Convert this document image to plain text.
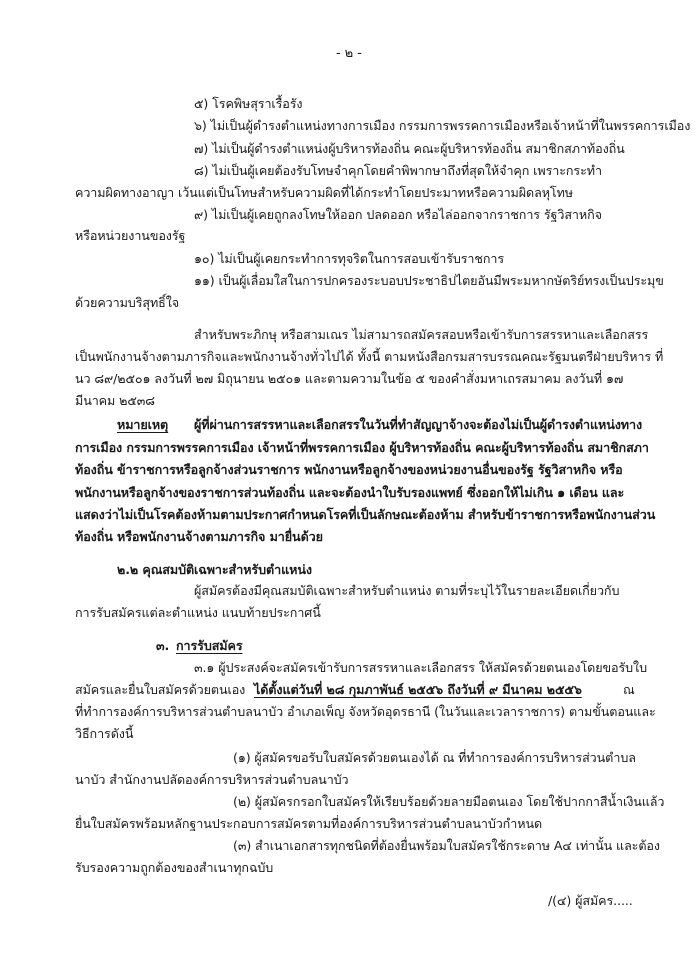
- ๒ -
๕) โรคพิษสุราเรื้อรัง
๖) ไม่เป็นผู้ดำรงตำแหน่งทางการเมือง กรรมการพรรคการเมืองหรือเจ้าหน้าที่ในพรรคการเมือง
๗) ไม่เป็นผู้ดำรงตำแหน่งผู้บริหารท้องถิ่น คณะผู้บริหารท้องถิ่น สมาชิกสภาท้องถิ่น
๘) ไม่เป็นผู้เคยต้องรับโทษจำคุกโดยคำพิพากษาถึงที่สุดให้จำคุก เพราะกระทำ
ความผิดทางอาญา เว้นแต่เป็นโทษสำหรับความผิดที่ได้กระทำโดยประมาทหรือความผิดลหุโทษ
๙) ไม่เป็นผู้เคยถูกลงโทษให้ออก ปลดออก หรือไล่ออกจากราชการ รัฐวิสาหกิจ
หรือหน่วยงานของรัฐ
๑๐) ไม่เป็นผู้เคยกระทำการทุจริตในการสอบเข้ารับราชการ
๑๑) เป็นผู้เลื่อมใสในการปกครองระบอบประชาธิปไตยอันมีพระมหากษัตริย์ทรงเป็นประมุข
ด้วยความบริสุทธิ์ใจ
สำหรับพระภิกษุ หรือสามเณร ไม่สามารถสมัครสอบหรือเข้ารับการสรรหาและเลือกสรร
เป็นพนักงานจ้างตามภารกิจและพนักงานจ้างทั่วไปได้ ทั้งนี้ ตามหนังสือกรมสารบรรณคณะรัฐมนตรีฝ่ายบริหาร ที่
นว ๘๙/๒๕๐๑ ลงวันที่ ๒๗ มิถุนายน ๒๕๐๑ และตามความในข้อ ๕ ของคำสั่งมหาเถรสมาคม ลงวันที่ ๑๗
มีนาคม ๒๕๓๘
หมายเหตุ ผู้ที่ผ่านการสรรหาและเลือกสรรในวันที่ทำสัญญาจ้างจะต้องไม่เป็นผู้ดำรงตำแหน่งทาง
การเมือง กรรมการพรรคการเมือง เจ้าหน้าที่พรรคการเมือง ผู้บริหารท้องถิ่น คณะผู้บริหารท้องถิ่น สมาชิกสภา
ท้องถิ่น ข้าราชการหรือลูกจ้างส่วนราชการ พนักงานหรือลูกจ้างของหน่วยงานอื่นของรัฐ รัฐวิสาหกิจ หรือ
พนักงานหรือลูกจ้างของราชการส่วนท้องถิ่น และจะต้องนำใบรับรองแพทย์ ซึ่งออกให้ไม่เกิน ๑ เดือน และ
แสดงว่าไม่เป็นโรคต้องห้ามตามประกาศกำหนดโรคที่เป็นลักษณะต้องห้าม สำหรับข้าราชการหรือพนักงานส่วน
ท้องถิ่น หรือพนักงานจ้างตามภารกิจ มายื่นด้วย
๒.๒ คุณสมบัติเฉพาะสำหรับตำแหน่ง
ผู้สมัครต้องมีคุณสมบัติเฉพาะสำหรับตำแหน่ง ตามที่ระบุไว้ในรายละเอียดเกี่ยวกับ
การรับสมัครแต่ละตำแหน่ง แนบท้ายประกาศนี้
๓. การรับสมัคร
๓.๑ ผู้ประสงค์จะสมัครเข้ารับการสรรหาและเลือกสรร ให้สมัครด้วยตนเองโดยขอรับใบ
สมัครและยื่นใบสมัครด้วยตนเอง ได้ตั้งแต่วันที่ ๒๘ กุมภาพันธ์ ๒๕๕๖ ถึงวันที่ ๙ มีนาคม ๒๕๕๖	ณ
ที่ทำการองค์การบริหารส่วนตำบลนาบัว อำเภอเพ็ญ จังหวัดอุดรธานี (ในวันและเวลาราชการ) ตามขั้นตอนและ
วิธีการดังนี้
(๑) ผู้สมัครขอรับใบสมัครด้วยตนเองได้ ณ ที่ทำการองค์การบริหารส่วนตำบล
นาบัว สำนักงานปลัดองค์การบริหารส่วนตำบลนาบัว
(๒) ผู้สมัครกรอกใบสมัครให้เรียบร้อยด้วยลายมือตนเอง โดยใช้ปากกาสีน้ำเงินแล้ว
ยื่นใบสมัครพร้อมหลักฐานประกอบการสมัครตามที่องค์การบริหารส่วนตำบลนาบัวกำหนด
(๓) สำเนาเอกสารทุกชนิดที่ต้องยื่นพร้อมใบสมัครใช้กระดาษ A๔ เท่านั้น และต้อง
รับรองความถูกต้องของสำเนาทุกฉบับ
/(๔) ผู้สมัคร.....
